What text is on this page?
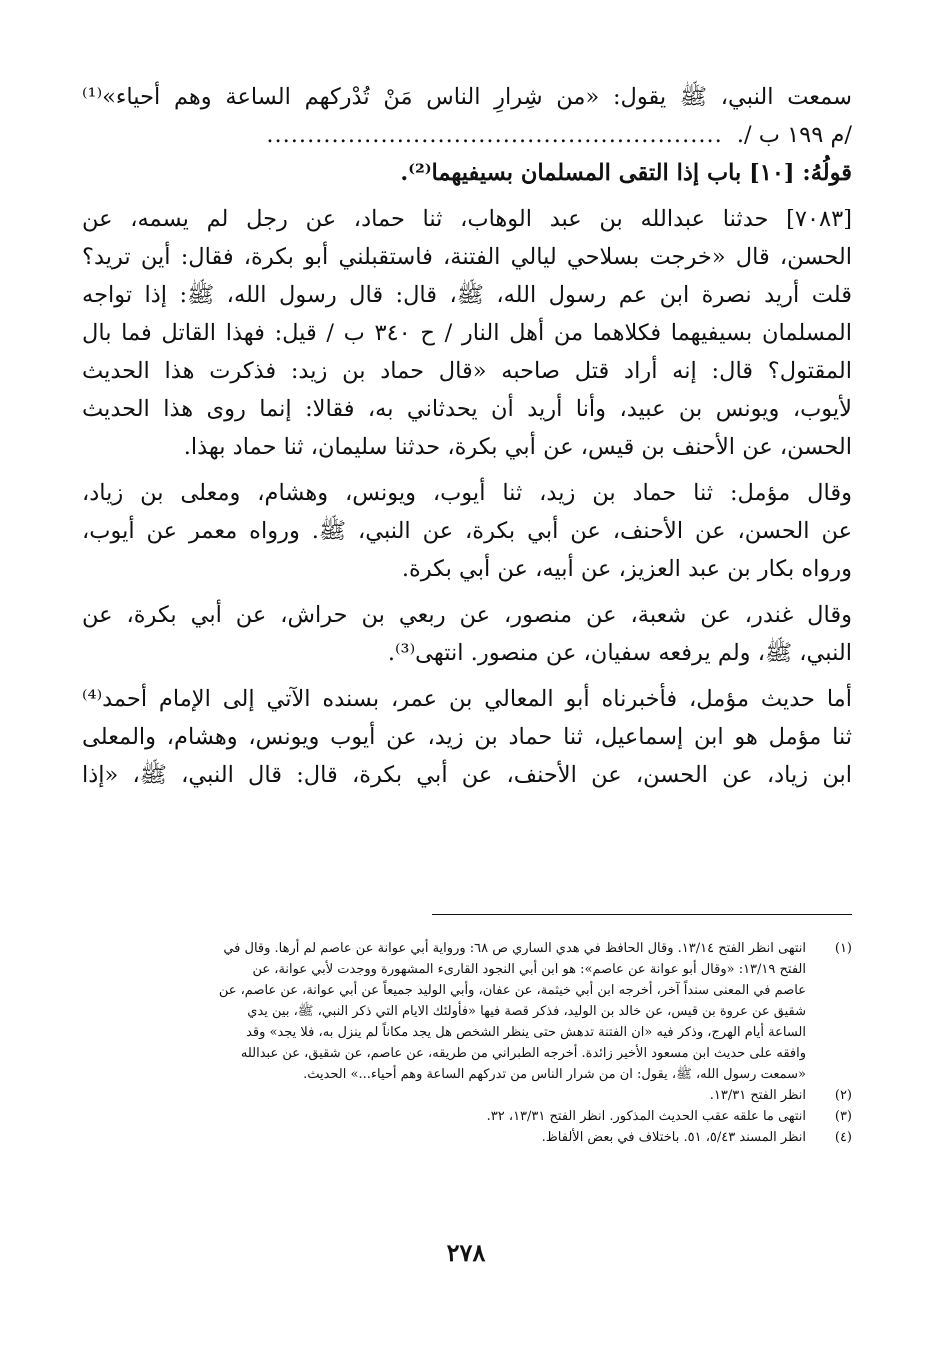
سمعت النبي، ﷺ يقول: «من شِرارِ الناس مَنْ تُدْركهم الساعة وهم أحياء»⁽¹⁾
/م ١٩٩ ب /.........................................................
قولُهُ: [١٠] باب إذا التقى المسلمان بسيفيهما⁽²⁾.
[٧٠٨٣] حدثنا عبدالله بن عبد الوهاب، ثنا حماد، عن رجل لم يسمه، عن
الحسن، قال «خرجت بسلاحي ليالي الفتنة، فاستقبلني أبو بكرة، فقال: أين تريد؟
قلت أريد نصرة ابن عم رسول الله، ﷺ، قال: قال رسول الله، ﷺ: إذا تواجه
المسلمان بسيفيهما فكلاهما من أهل النار / ح ٣٤٠ ب / قيل: فهذا القاتل فما بال
المقتول؟ قال: إنه أراد قتل صاحبه «قال حماد بن زيد: فذكرت هذا الحديث
لأيوب، ويونس بن عبيد، وأنا أريد أن يحدثاني به، فقالا: إنما روى هذا الحديث
الحسن، عن الأحنف بن قيس، عن أبي بكرة، حدثنا سليمان، ثنا حماد بهذا.
وقال مؤمل: ثنا حماد بن زيد، ثنا أيوب، ويونس، وهشام، ومعلى بن زياد،
عن الحسن، عن الأحنف، عن أبي بكرة، عن النبي، ﷺ. ورواه معمر عن أيوب،
ورواه بكار بن عبد العزيز، عن أبيه، عن أبي بكرة.
وقال غندر، عن شعبة، عن منصور، عن ربعي بن حراش، عن أبي بكرة، عن
النبي، ﷺ، ولم يرفعه سفيان، عن منصور. انتهى⁽³⁾.
أما حديث مؤمل، فأخبرناه أبو المعالي بن عمر، بسنده الآتي إلى الإمام أحمد⁽⁴⁾
ثنا مؤمل هو ابن إسماعيل، ثنا حماد بن زيد، عن أيوب ويونس، وهشام، والمعلى
ابن زياد، عن الحسن، عن الأحنف، عن أبي بكرة، قال: قال النبي، ﷺ، «إذا
(١)
انتهى انظر الفتح ١٣/١٤. وقال الحافظ في هدي الساري ص ٦٨: ورواية أبي عوانة عن عاصم لم أرها. وقال في
الفتح ١٣/١٩: «وقال أبو عوانة عن عاصم»: هو ابن أبي النجود القارىء المشهورة ووجدت لأبي عوانة، عن
عاصم في المعنى سنداً آخر، أخرجه ابن أبي خيثمة، عن عفان، وأبي الوليد جميعاً عن أبي عوانة، عن عاصم، عن
شقيق عن عروة بن قيس، عن خالد بن الوليد، فذكر قصة فيها «فأولئك الايام التي ذكر النبي، ﷺ، بين يدي
الساعة أيام الهرج، وذكر فيه «ان الفتنة تدهش حتى ينظر الشخص هل يجد مكاناً لم ينزل به، فلا يجد» وقد
وافقه على حديث ابن مسعود الأخير زائدة. أخرجه الطبراني من طريقه، عن عاصم، عن شقيق، عن عبدالله
«سمعت رسول الله، ﷺ، يقول: ان من شرار الناس من تدركهم الساعة وهم أحياء...» الحديث.
(٢)
انظر الفتح ١٣/٣١.
(٣)
انتهى ما علقه عقب الحديث المذكور. انظر الفتح ١٣/٣١، ٣٢.
(٤)
انظر المسند ٥/٤٣، ٥١. باختلاف في بعض الألفاظ.
٢٧٨
